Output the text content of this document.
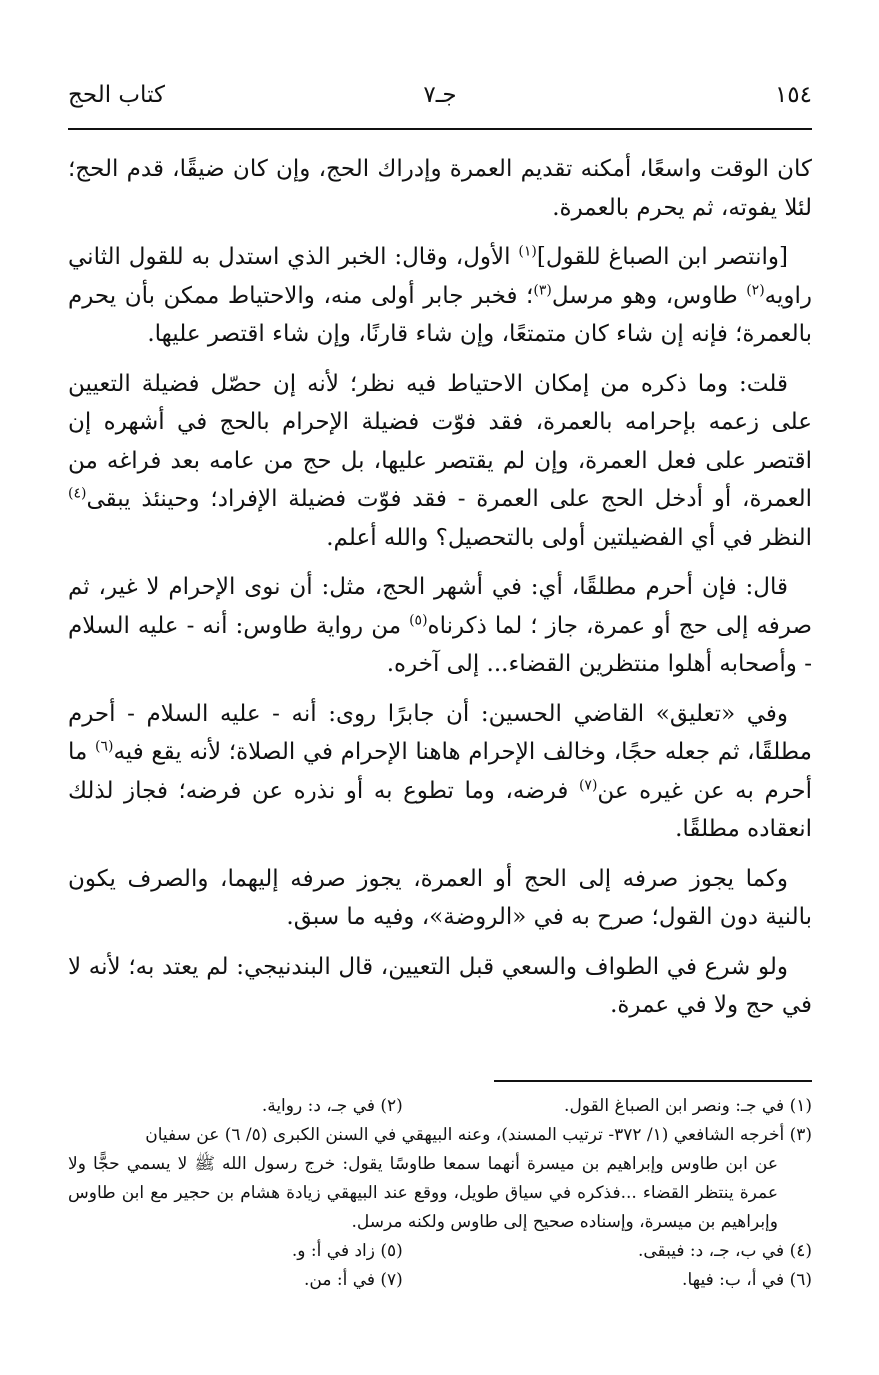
١٥٤
جـ٧
كتاب الحج

كان الوقت واسعًا، أمكنه تقديم العمرة وإدراك الحج، وإن كان ضيقًا، قدم الحج؛ لئلا يفوته، ثم يحرم بالعمرة.

[وانتصر ابن الصباغ للقول]$^{(١)}$ الأول، وقال: الخبر الذي استدل به للقول الثاني راويه$^{(٢)}$ طاوس، وهو مرسل$^{(٣)}$؛ فخبر جابر أولى منه، والاحتياط ممكن بأن يحرم بالعمرة؛ فإنه إن شاء كان متمتعًا، وإن شاء قارنًا، وإن شاء اقتصر عليها.

قلت: وما ذكره من إمكان الاحتياط فيه نظر؛ لأنه إن حصّل فضيلة التعيين على زعمه بإحرامه بالعمرة، فقد فوّت فضيلة الإحرام بالحج في أشهره إن اقتصر على فعل العمرة، وإن لم يقتصر عليها، بل حج من عامه بعد فراغه من العمرة، أو أدخل الحج على العمرة - فقد فوّت فضيلة الإفراد؛ وحينئذ يبقى$^{(٤)}$ النظر في أي الفضيلتين أولى بالتحصيل؟ والله أعلم.

قال: فإن أحرم مطلقًا، أي: في أشهر الحج، مثل: أن نوى الإحرام لا غير، ثم صرفه إلى حج أو عمرة، جاز ؛ لما ذكرناه$^{(٥)}$ من رواية طاوس: أنه - عليه السلام - وأصحابه أهلوا منتظرين القضاء... إلى آخره.

وفي «تعليق» القاضي الحسين: أن جابرًا روى: أنه - عليه السلام - أحرم مطلقًا، ثم جعله حجًا، وخالف الإحرام هاهنا الإحرام في الصلاة؛ لأنه يقع فيه$^{(٦)}$ ما أحرم به عن غيره عن$^{(٧)}$ فرضه، وما تطوع به أو نذره عن فرضه؛ فجاز لذلك انعقاده مطلقًا.

وكما يجوز صرفه إلى الحج أو العمرة، يجوز صرفه إليهما، والصرف يكون بالنية دون القول؛ صرح به في «الروضة»، وفيه ما سبق.

ولو شرع في الطواف والسعي قبل التعيين، قال البندنيجي: لم يعتد به؛ لأنه لا في حج ولا في عمرة.

(١) في جـ: ونصر ابن الصباغ القول.
(٢) في جـ، د: رواية.
(٣) أخرجه الشافعي (١/ ٣٧٢- ترتيب المسند)، وعنه البيهقي في السنن الكبرى (٥/ ٦) عن سفيان
عن ابن طاوس وإبراهيم بن ميسرة أنهما سمعا طاوسًا يقول: خرج رسول الله ﷺ لا يسمي حجًّا ولا عمرة ينتظر القضاء ...فذكره في سياق طويل، ووقع عند البيهقي زيادة هشام بن حجير مع ابن طاوس وإبراهيم بن ميسرة، وإسناده صحيح إلى طاوس ولكنه مرسل.
(٤) في ب، جـ، د: فيبقى.
(٥) زاد في أ: و.
(٦) في أ، ب: فيها.
(٧) في أ: من.
